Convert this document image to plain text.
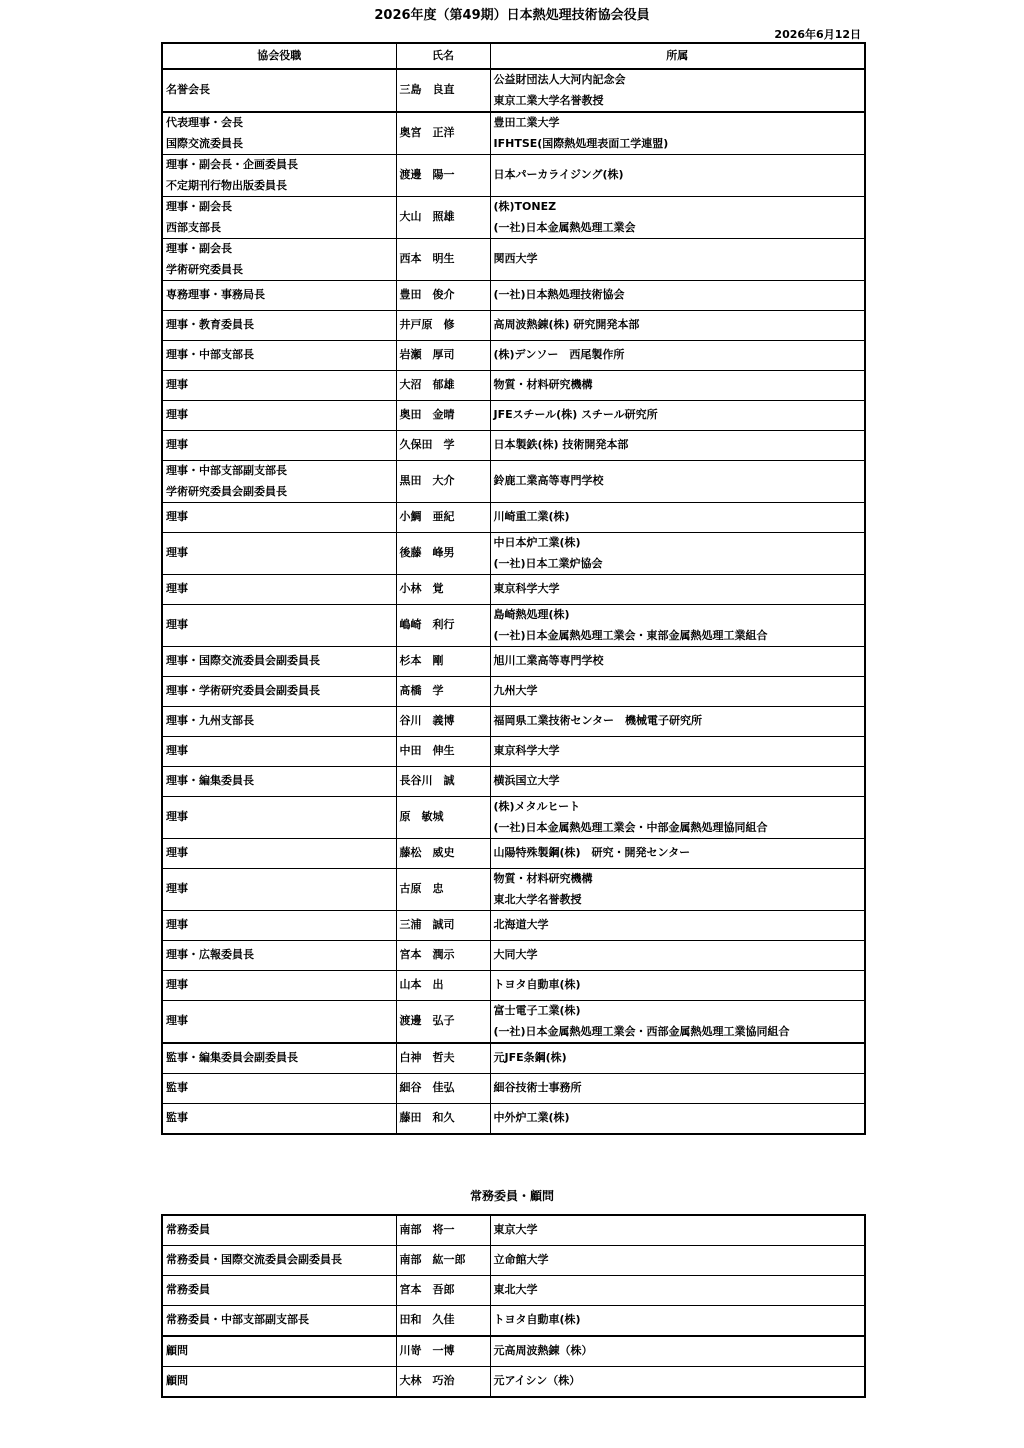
2026年度（第49期）日本熱処理技術協会役員
2026年6月12日
協会役職	氏名	所属

名誉会長	三島　良直	公益財団法人大河内記念会
東京工業大学名誉教授

代表理事・会長
国際交流委員長	奥宮　正洋	豊田工業大学
IFHTSE(国際熱処理表面工学連盟)

理事・副会長・企画委員長
不定期刊行物出版委員長	渡邊　陽一	日本パーカライジング(株)

理事・副会長
西部支部長	大山　照雄	(株)TONEZ
(一社)日本金属熱処理工業会

理事・副会長
学術研究委員長	西本　明生	関西大学

専務理事・事務局長	豊田　俊介	(一社)日本熱処理技術協会

理事・教育委員長	井戸原　修	高周波熱錬(株) 研究開発本部

理事・中部支部長	岩瀬　厚司	(株)デンソー　西尾製作所

理事	大沼　郁雄	物質・材料研究機構

理事	奥田　金晴	JFEスチール(株) スチール研究所

理事	久保田　学	日本製鉄(株) 技術開発本部

理事・中部支部副支部長
学術研究委員会副委員長	黒田　大介	鈴鹿工業高等専門学校

理事	小鯛　亜紀	川崎重工業(株)

理事	後藤　峰男	中日本炉工業(株)
(一社)日本工業炉協会

理事	小林　覚	東京科学大学

理事	嶋崎　利行	島崎熱処理(株)
(一社)日本金属熱処理工業会・東部金属熱処理工業組合

理事・国際交流委員会副委員長	杉本　剛	旭川工業高等専門学校

理事・学術研究委員会副委員長	髙橋　学	九州大学

理事・九州支部長	谷川　義博	福岡県工業技術センター　機械電子研究所

理事	中田　伸生	東京科学大学

理事・編集委員長	長谷川　誠	横浜国立大学

理事	原　敏城	(株)メタルヒート
(一社)日本金属熱処理工業会・中部金属熱処理協同組合

理事	藤松　威史	山陽特殊製鋼(株)　研究・開発センター

理事	古原　忠	物質・材料研究機構
東北大学名誉教授

理事	三浦　誠司	北海道大学

理事・広報委員長	宮本　潤示	大同大学

理事	山本　出	トヨタ自動車(株)

理事	渡邊　弘子	富士電子工業(株)
(一社)日本金属熱処理工業会・西部金属熱処理工業協同組合

監事・編集委員会副委員長	白神　哲夫	元JFE条鋼(株)

監事	細谷　佳弘	細谷技術士事務所

監事	藤田　和久	中外炉工業(株)
常務委員・顧問
常務委員	南部　将一	東京大学

常務委員・国際交流委員会副委員長	南部　紘一郎	立命館大学

常務委員	宮本　吾郎	東北大学

常務委員・中部支部副支部長	田和　久佳	トヨタ自動車(株)

顧問	川嵜　一博	元高周波熱錬（株）

顧問	大林　巧治	元アイシン（株）
